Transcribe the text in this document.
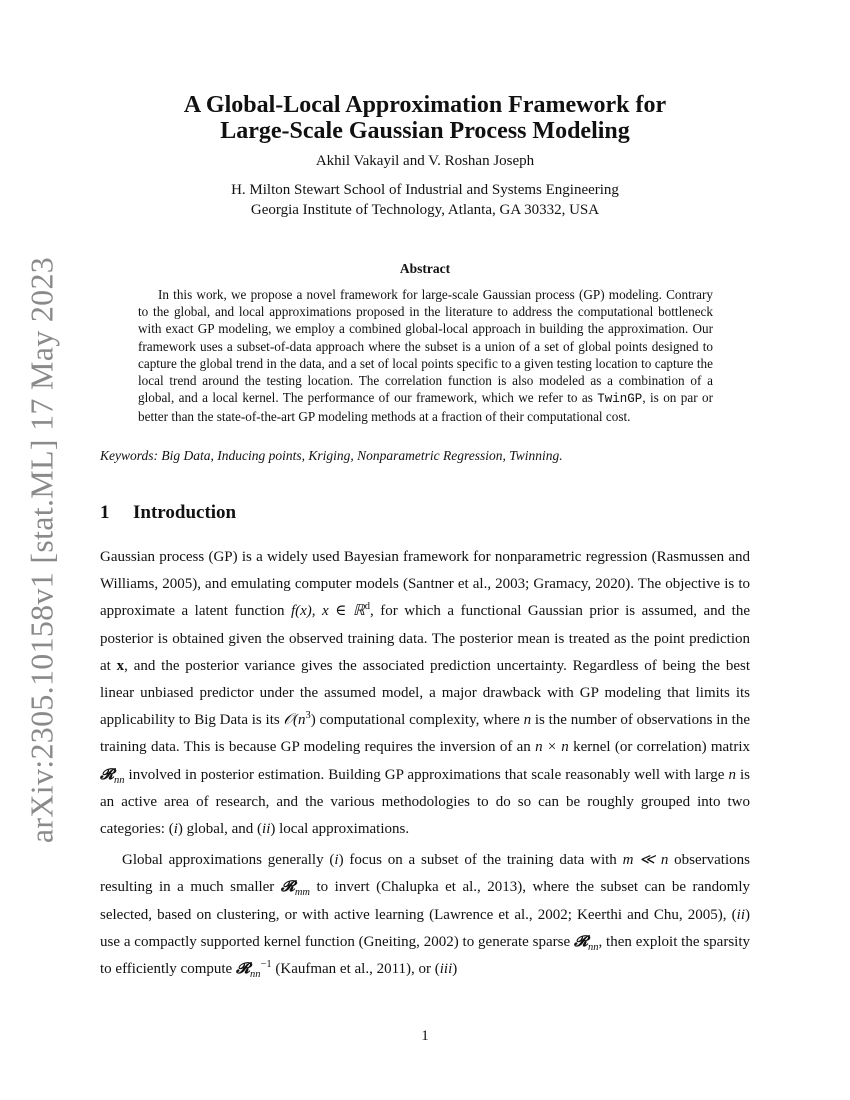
arXiv:2305.10158v1 [stat.ML] 17 May 2023
A Global-Local Approximation Framework for
Large-Scale Gaussian Process Modeling
Akhil Vakayil and V. Roshan Joseph
H. Milton Stewart School of Industrial and Systems Engineering
Georgia Institute of Technology, Atlanta, GA 30332, USA
Abstract
In this work, we propose a novel framework for large-scale Gaussian process (GP) modeling. Contrary to the global, and local approximations proposed in the literature to address the computational bottleneck with exact GP modeling, we employ a combined global-local approach in building the approximation. Our framework uses a subset-of-data approach where the subset is a union of a set of global points designed to capture the global trend in the data, and a set of local points specific to a given testing location to capture the local trend around the testing location. The correlation function is also modeled as a combination of a global, and a local kernel. The performance of our framework, which we refer to as TwinGP, is on par or better than the state-of-the-art GP modeling methods at a fraction of their computational cost.
Keywords: Big Data, Inducing points, Kriging, Nonparametric Regression, Twinning.
1 Introduction

Gaussian process (GP) is a widely used Bayesian framework for nonparametric regression (Rasmussen and Williams, 2005), and emulating computer models (Santner et al., 2003; Gramacy, 2020). The objective is to approximate a latent function f(x), x ∈ ℝ$^d$, for which a functional Gaussian prior is assumed, and the posterior is obtained given the observed training data. The posterior mean is treated as the point prediction at x, and the posterior variance gives the associated prediction uncertainty. Regardless of being the best linear unbiased predictor under the assumed model, a major drawback with GP modeling that limits its applicability to Big Data is its $𝒪(n^3)$ computational complexity, where n is the number of observations in the training data. This is because GP modeling requires the inversion of an n × n kernel (or correlation) matrix 𝓡$_{nn}$ involved in posterior estimation. Building GP approximations that scale reasonably well with large n is an active area of research, and the various methodologies to do so can be roughly grouped into two categories: (i) global, and (ii) local approximations.

Global approximations generally (i) focus on a subset of the training data with m ≪ n observations resulting in a much smaller 𝓡$_{mm}$ to invert (Chalupka et al., 2013), where the subset can be randomly selected, based on clustering, or with active learning (Lawrence et al., 2002; Keerthi and Chu, 2005), (ii) use a compactly supported kernel function (Gneiting, 2002) to generate sparse 𝓡$_{nn}$, then exploit the sparsity to efficiently compute 𝓡$_{nn}^{-1}$ (Kaufman et al., 2011), or (iii)

1
